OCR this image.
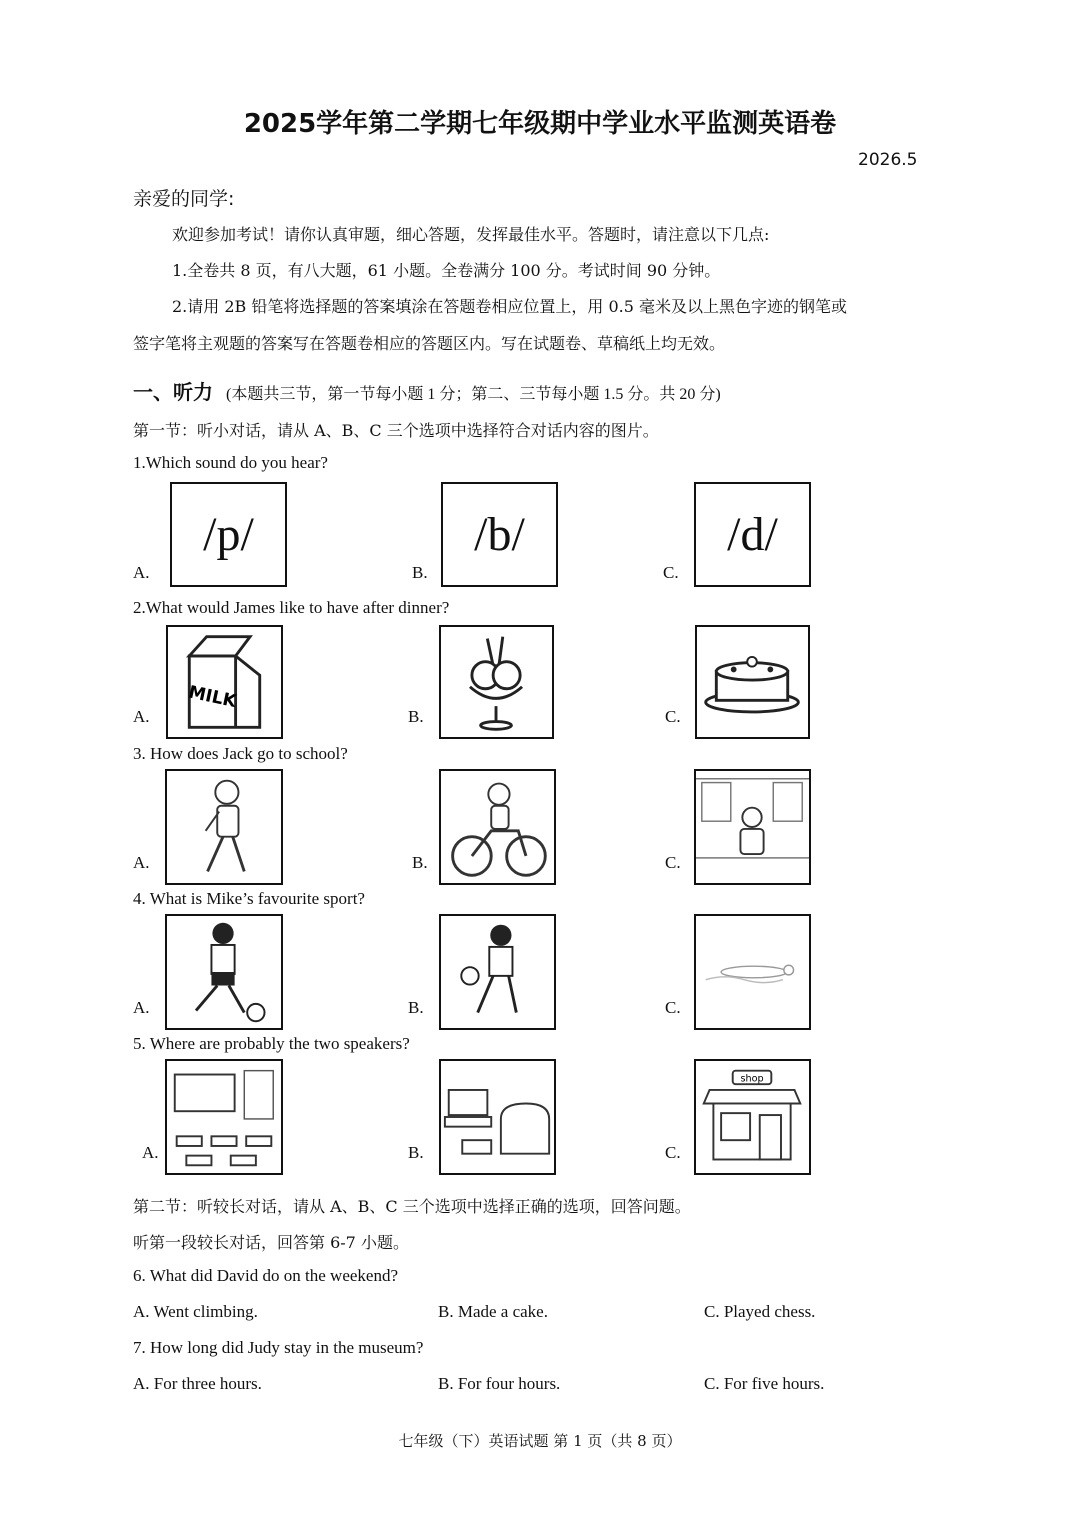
2025学年第二学期七年级期中学业水平监测英语卷
2026.5
亲爱的同学:
欢迎参加考试！请你认真审题，细心答题，发挥最佳水平。答题时，请注意以下几点:
1.全卷共 8 页，有八大题，61 小题。全卷满分 100 分。考试时间 90 分钟。
2.请用 2B 铅笔将选择题的答案填涂在答题卷相应位置上，用 0.5 毫米及以上黑色字迹的钢笔或
签字笔将主观题的答案写在答题卷相应的答题区内。写在试题卷、草稿纸上均无效。
一、听力 (本题共三节，第一节每小题 1 分；第二、三节每小题 1.5 分。共 20 分)
第一节：听小对话，请从 A、B、C 三个选项中选择符合对话内容的图片。
1.Which sound do you hear?
A.
/p/
B.
/b/
C.
/d/
2.What would James like to have after dinner?
A.
MILK
B.	C.
3. How does Jack go to school?
A.	B.	C.
4. What is Mike’s favourite sport?
A.	B.	C.
5. Where are probably the two speakers?
A.	B.	C.
shop
第二节：听较长对话，请从 A、B、C 三个选项中选择正确的选项，回答问题。
听第一段较长对话，回答第 6-7 小题。
6. What did David do on the weekend?
A. Went climbing.	B. Made a cake.	C. Played chess.
7. How long did Judy stay in the museum?
A. For three hours.	B. For four hours.	C. For five hours.
七年级（下）英语试题 第 1 页（共 8 页）
